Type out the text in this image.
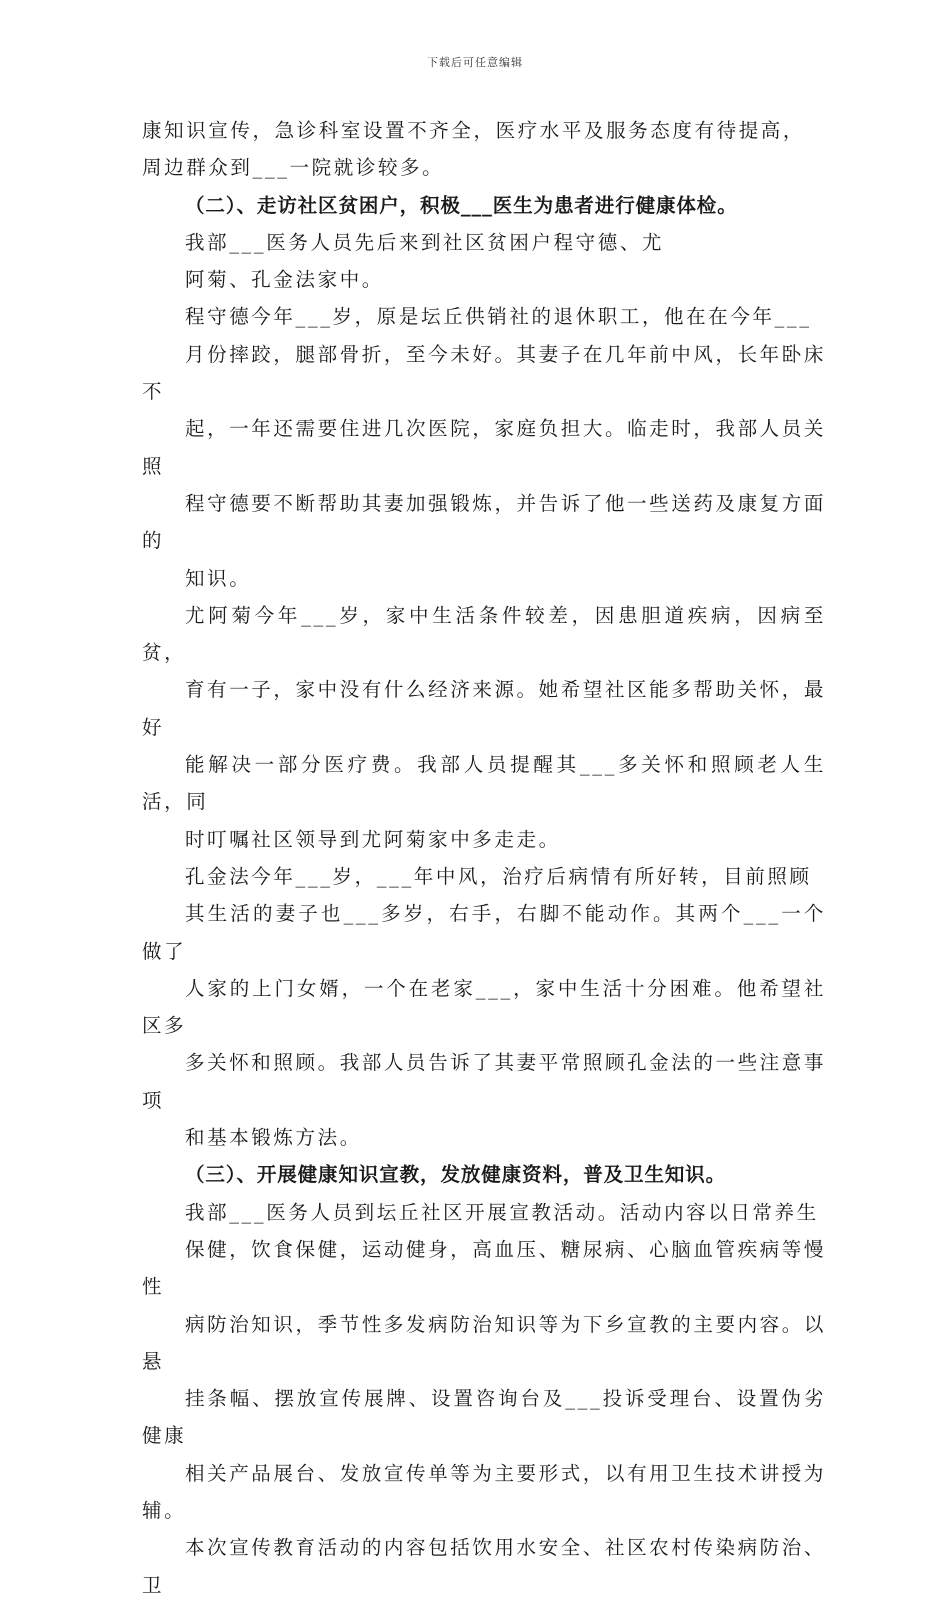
下载后可任意编辑

康知识宣传，急诊科室设置不齐全，医疗水平及服务态度有待提高，
周边群众到___一院就诊较多。

（二）、走访社区贫困户，积极___医生为患者进行健康体检。

我部___医务人员先后来到社区贫困户程守德、尤
阿菊、孔金法家中。

程守德今年___岁，原是坛丘供销社的退休职工，他在在今年___
月份摔跤，腿部骨折，至今未好。其妻子在几年前中风，长年卧床不
起，一年还需要住进几次医院，家庭负担大。临走时，我部人员关照
程守德要不断帮助其妻加强锻炼，并告诉了他一些送药及康复方面的
知识。

尤阿菊今年___岁，家中生活条件较差，因患胆道疾病，因病至贫，
育有一子，家中没有什么经济来源。她希望社区能多帮助关怀，最好
能解决一部分医疗费。我部人员提醒其___多关怀和照顾老人生活，同
时叮嘱社区领导到尤阿菊家中多走走。

孔金法今年___岁，___年中风，治疗后病情有所好转，目前照顾
其生活的妻子也___多岁，右手，右脚不能动作。其两个___一个做了
人家的上门女婿，一个在老家___，家中生活十分困难。他希望社区多
多关怀和照顾。我部人员告诉了其妻平常照顾孔金法的一些注意事项
和基本锻炼方法。

（三）、开展健康知识宣教，发放健康资料，普及卫生知识。

我部___医务人员到坛丘社区开展宣教活动。活动内容以日常养生
保健，饮食保健，运动健身，高血压、糖尿病、心脑血管疾病等慢性
病防治知识，季节性多发病防治知识等为下乡宣教的主要内容。以悬
挂条幅、摆放宣传展牌、设置咨询台及___投诉受理台、设置伪劣健康
相关产品展台、发放宣传单等为主要形式，以有用卫生技术讲授为辅。
本次宣传教育活动的内容包括饮用水安全、社区农村传染病防治、卫
